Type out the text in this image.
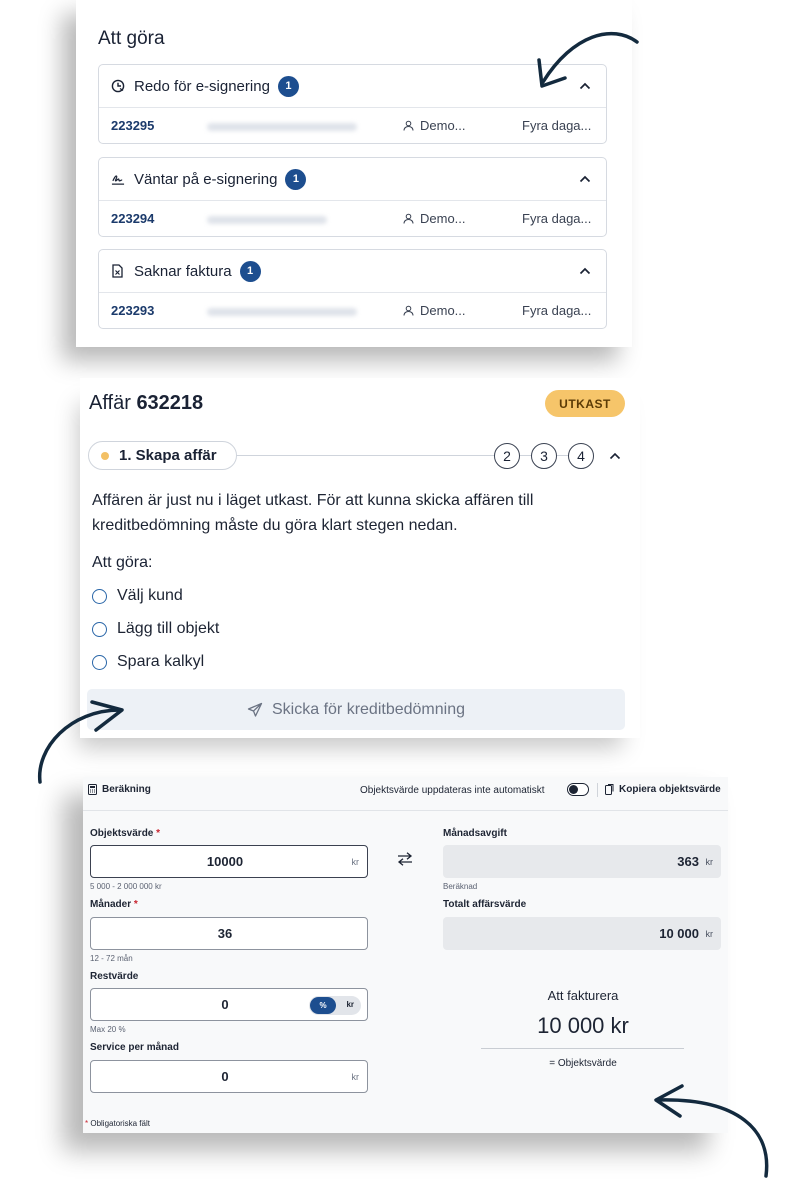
Att göra
Redo för e-signering	1
223295	Demo...	Fyra daga...
Väntar på e-signering	1
223294	Demo...	Fyra daga...
Saknar faktura	1
223293	Demo...	Fyra daga...
Affär 632218	UTKAST
1. Skapa affär	2	3	4
Affären är just nu i läget utkast. För att kunna skicka affären till kreditbedömning måste du göra klart stegen nedan.
Att göra:
Välj kund
Lägg till objekt
Spara kalkyl
Skicka för kreditbedömning
Beräkning	Objektsvärde uppdateras inte automatiskt	Kopiera objektsvärde
Objektsvärde *
10000	kr
5 000 - 2 000 000 kr
Månader *
36
12 - 72 mån
Restvärde
0	%	kr
Max 20 %
Service per månad
0	kr
Månadsavgift
363 kr
Beräknad
Totalt affärsvärde
10 000 kr
Att fakturera
10 000 kr
= Objektsvärde
* Obligatoriska fält
